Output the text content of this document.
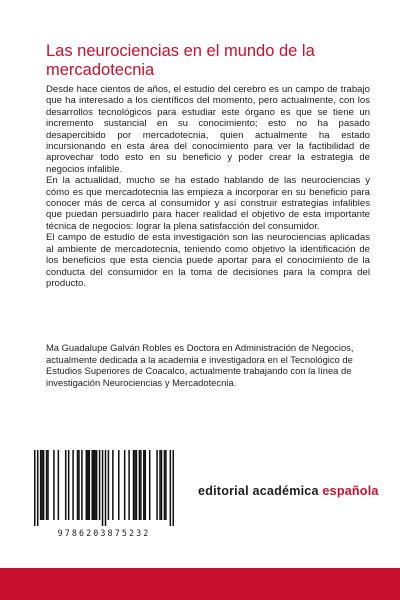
Las neurociencias en el mundo de la mercadotecnia

Desde hace cientos de años, el estudio del cerebro es un campo de trabajo que ha interesado a los científicos del momento, pero actualmente, con los desarrollos tecnológicos para estudiar este órgano es que se tiene un incremento sustancial en su conocimiento; esto no ha pasado desapercibido por mercadotecnia, quien actualmente ha estado incursionando en esta área del conocimiento para ver la factibilidad de aprovechar todo esto en su beneficio y poder crear la estrategia de negocios infalible.

En la actualidad, mucho se ha estado hablando de las neurociencias y cómo es que mercadotecnia las empieza a incorporar en su beneficio para conocer más de cerca al consumidor y así construir estrategias infalibles que puedan persuadirlo para hacer realidad el objetivo de esta importante técnica de negocios: lograr la plena satisfacción del consumidor.

El campo de estudio de esta investigación son las neurociencias aplicadas al ambiente de mercadotecnia, teniendo como objetivo la identificación de los beneficios que esta ciencia puede aportar para el conocimiento de la conducta del consumidor en la toma de decisiones para la compra del producto.

Ma Guadalupe Galván Robles es Doctora en Administración de Negocios, actualmente dedicada a la academia e investigadora en el Tecnológico de Estudios Superiores de Coacalco, actualmente trabajando con la línea de investigación Neurociencias y Mercadotecnia.

9786203875232
editorial académica española
